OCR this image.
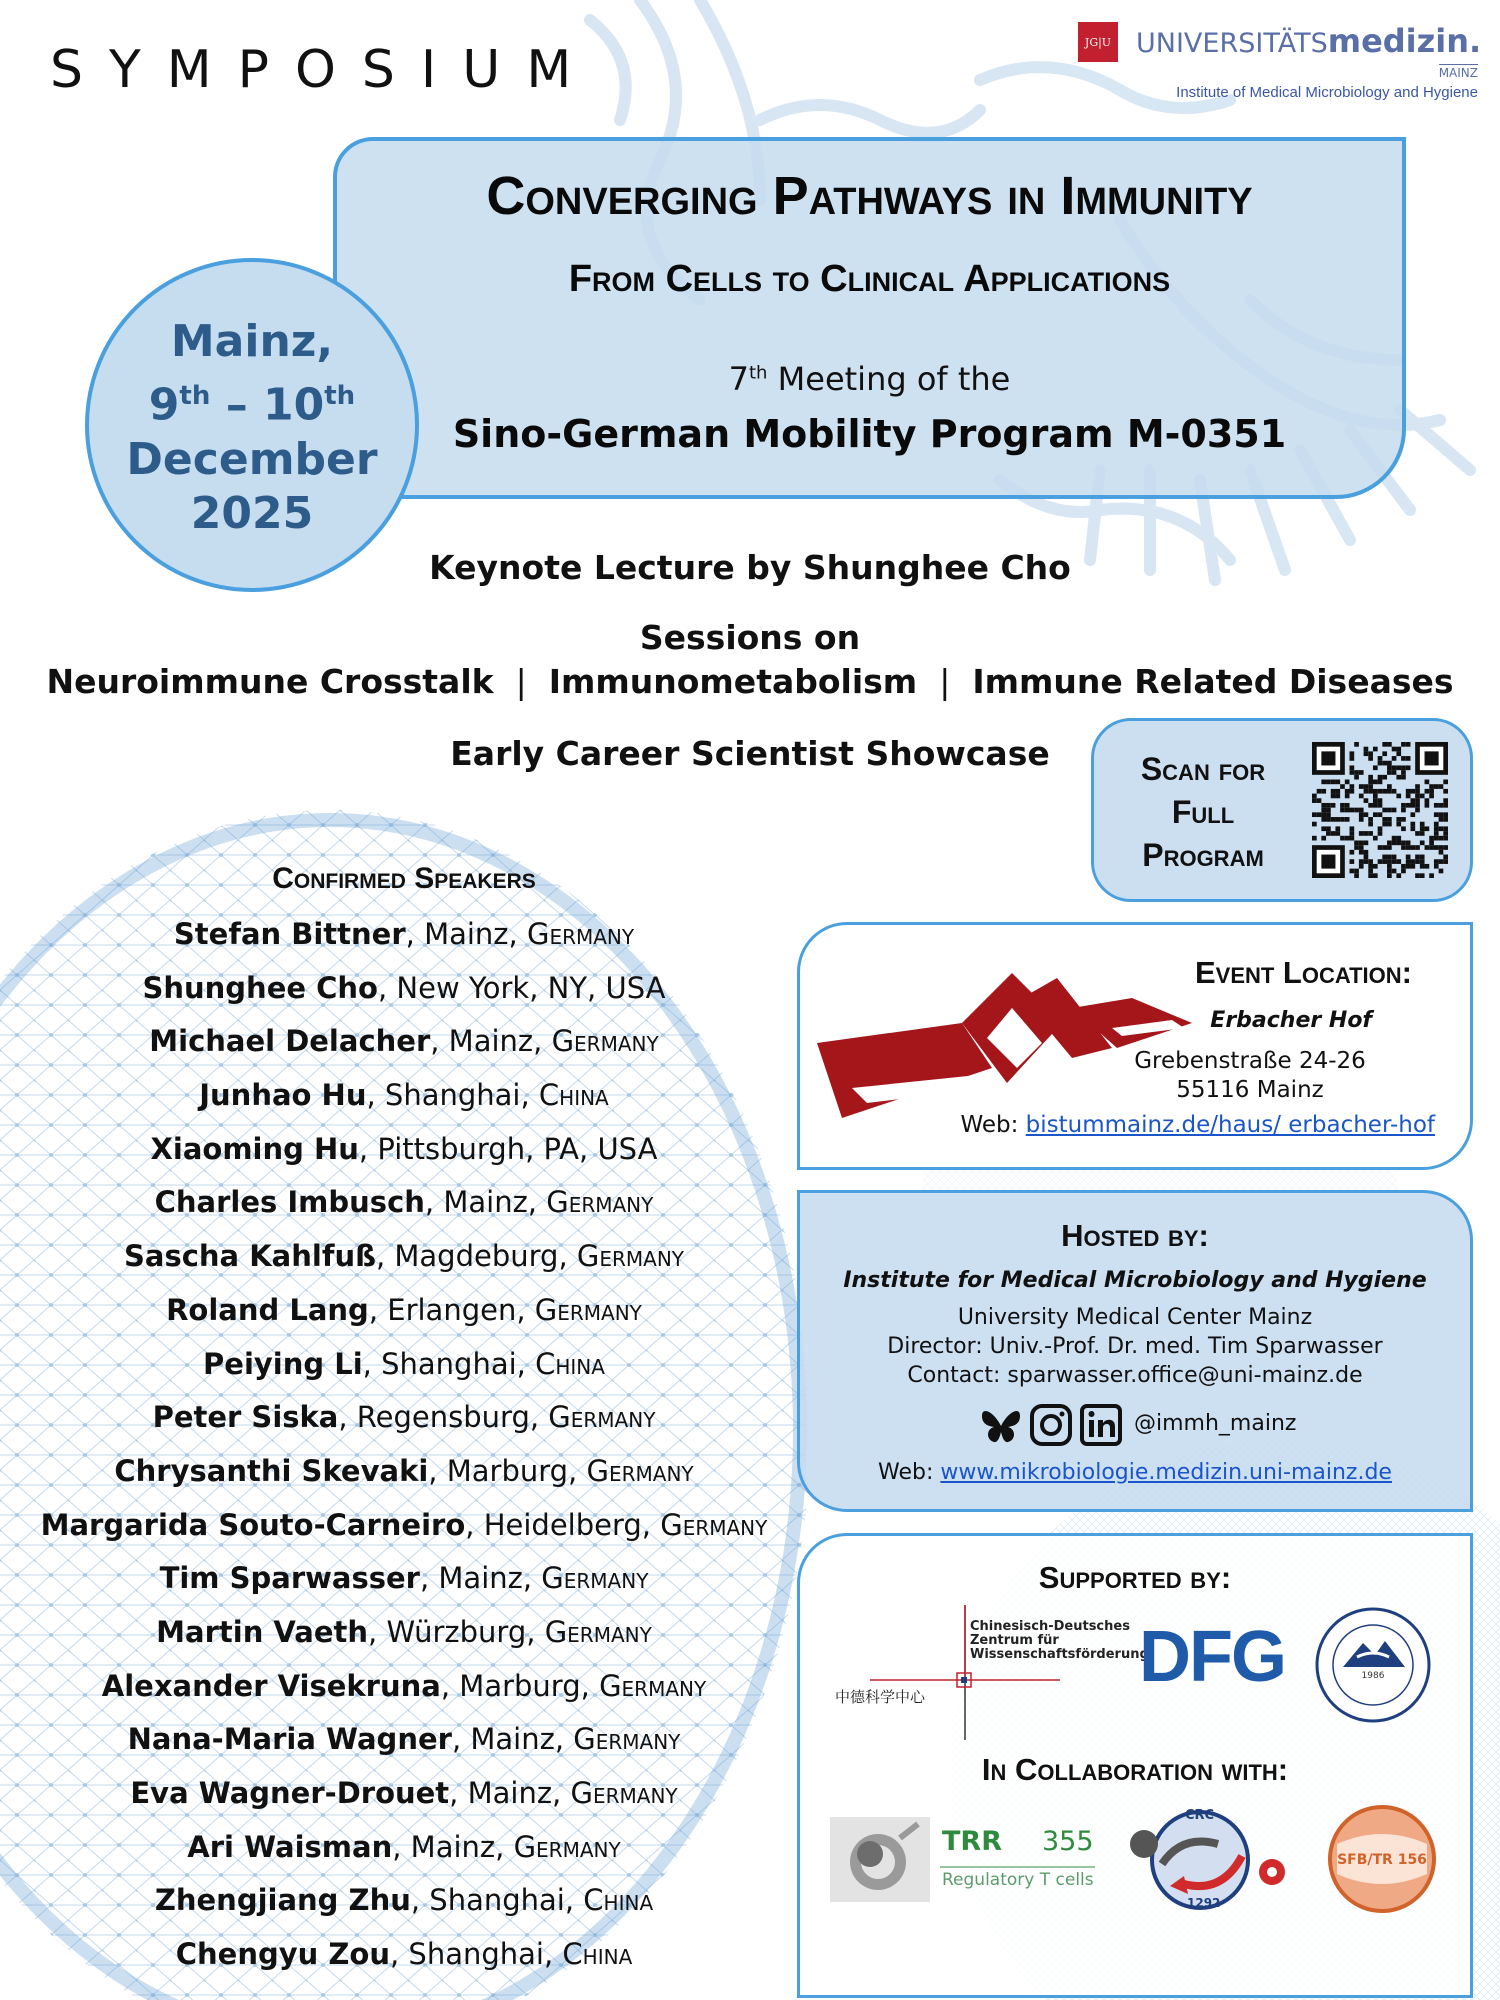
SYMPOSIUM	JG|U UNIVERSITÄTSmedizin.
MAINZ
Institute of Medical Microbiology and Hygiene
Converging Pathways in Immunity
From Cells to Clinical Applications
7th Meeting of the
Sino-German Mobility Program M-0351
Mainz,
9th – 10th
December
2025
Keynote Lecture by Shunghee Cho
Sessions on
Neuroimmune Crosstalk | Immunometabolism | Immune Related Diseases
Early Career Scientist Showcase	Scan for
Full
Program
Confirmed Speakers
Stefan Bittner, Mainz, Germany
Shunghee Cho, New York, NY, USA
Michael Delacher, Mainz, Germany
Junhao Hu, Shanghai, China
Xiaoming Hu, Pittsburgh, PA, USA
Charles Imbusch, Mainz, Germany
Sascha Kahlfuß, Magdeburg, Germany
Roland Lang, Erlangen, Germany
Peiying Li, Shanghai, China
Peter Siska, Regensburg, Germany
Chrysanthi Skevaki, Marburg, Germany
Margarida Souto-Carneiro, Heidelberg, Germany
Tim Sparwasser, Mainz, Germany
Martin Vaeth, Würzburg, Germany
Alexander Visekruna, Marburg, Germany
Nana-Maria Wagner, Mainz, Germany
Eva Wagner-Drouet, Mainz, Germany
Ari Waisman, Mainz, Germany
Zhengjiang Zhu, Shanghai, China
Chengyu Zou, Shanghai, China
Event Location:
Erbacher Hof
Grebenstraße 24-26
55116 Mainz
Web: bistummainz.de/haus/ erbacher-hof
Hosted by:
Institute for Medical Microbiology and Hygiene
University Medical Center Mainz
Director: Univ.-Prof. Dr. med. Tim Sparwasser
Contact: sparwasser.office@uni-mainz.de
@immh_mainz
Web: www.mikrobiologie.medizin.uni-mainz.de
Supported by:
Chinesisch-Deutsches
Zentrum für
Wissenschaftsförderung
中德科学中心	DFG	1986
In Collaboration with:
TRR 355
Regulatory T cells
CRC
1292
SFB/TR 156
